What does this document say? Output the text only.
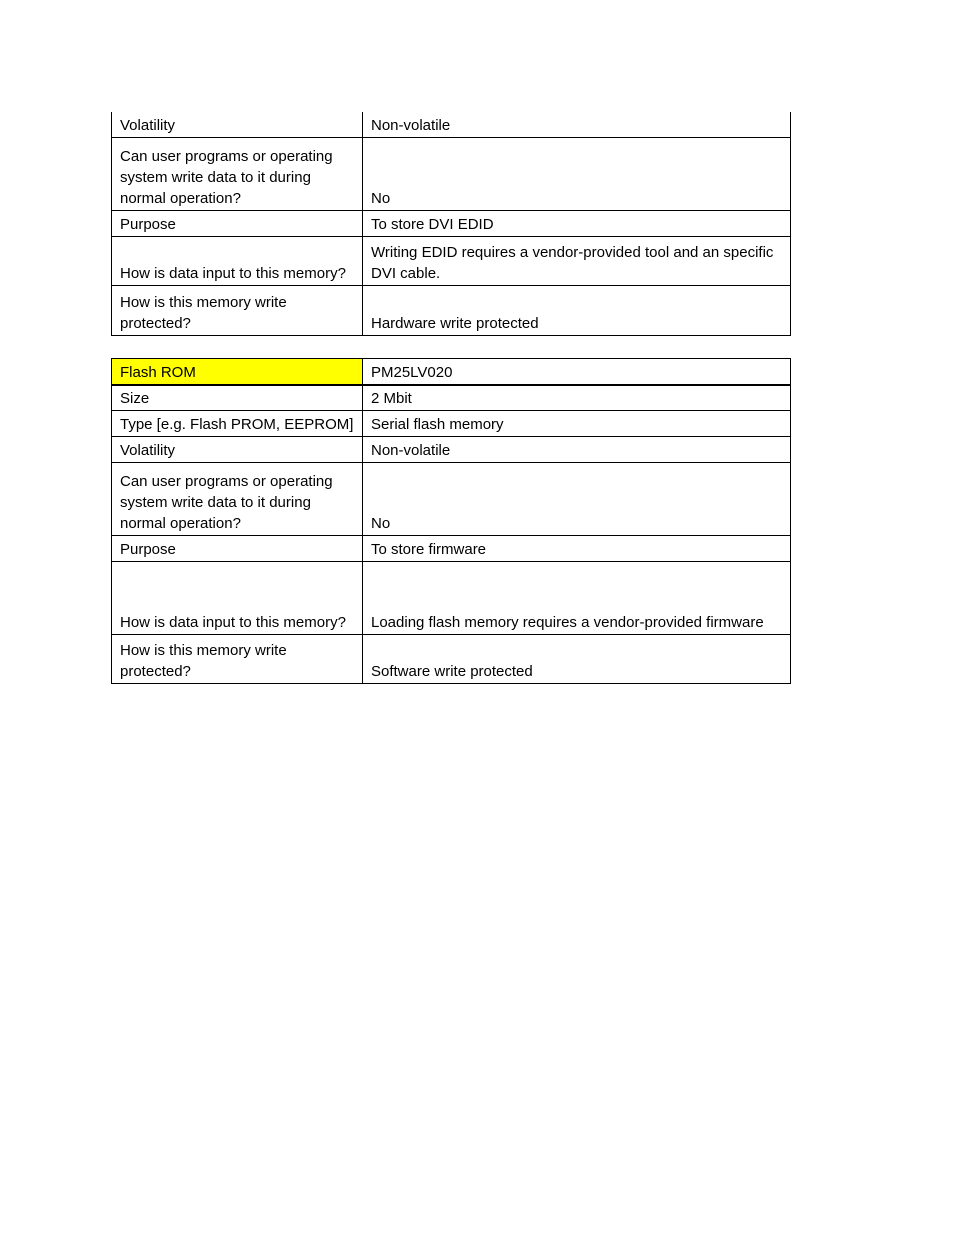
Volatility	Non-volatile
Can user programs or operating system write data to it during normal operation?	No
Purpose	To store DVI EDID
How is data input to this memory?	Writing EDID requires a vendor-provided tool and an specific DVI cable.
How is this memory write protected?	Hardware write protected
Flash ROM	PM25LV020
Size	2 Mbit
Type [e.g. Flash PROM, EEPROM]	Serial flash memory
Volatility	Non-volatile
Can user programs or operating system write data to it during normal operation?	No
Purpose	To store firmware
How is data input to this memory?	Loading flash memory requires a vendor-provided firmware
How is this memory write protected?	Software write protected
